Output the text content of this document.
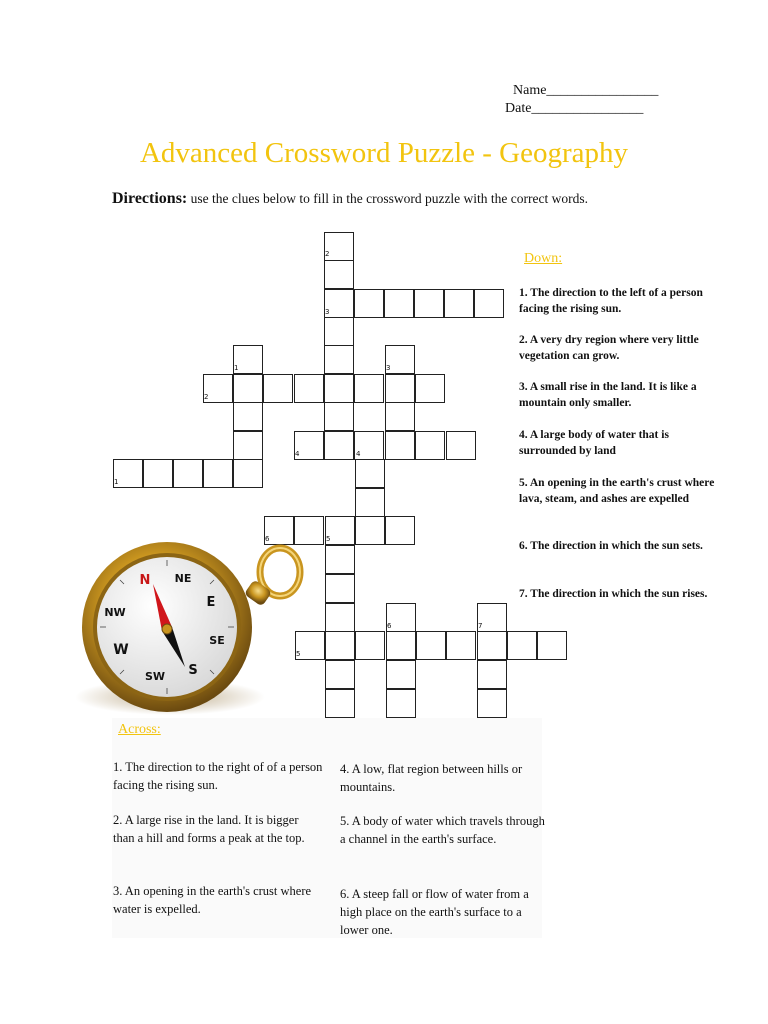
Name________________
Date________________
Advanced Crossword Puzzle - Geography
Directions: use the clues below to fill in the crossword puzzle with the correct words.
2
3
1	3
2
4	4
1
6	5
6	7
5
Down:
1. The direction to the left of a person facing the rising sun.
2. A very dry region where very little vegetation can grow.
3. A small rise in the land. It is like a mountain only smaller.
4. A large body of water that is surrounded by land
5. An opening in the earth's crust where lava, steam, and ashes are expelled
6. The direction in which the sun sets.
7. The direction in which the sun rises.
N NE
E
SE
S
SW
W
NW
Across:
1. The direction to the right of of a person facing the rising sun.
2. A large rise in the land. It is bigger than a hill and forms a peak at the top.
3. An opening in the earth's crust where water is expelled.
4. A low, flat region between hills or mountains.
5. A body of water which travels through a channel in the earth's surface.
6. A steep fall or flow of water from a high place on the earth's surface to a lower one.
